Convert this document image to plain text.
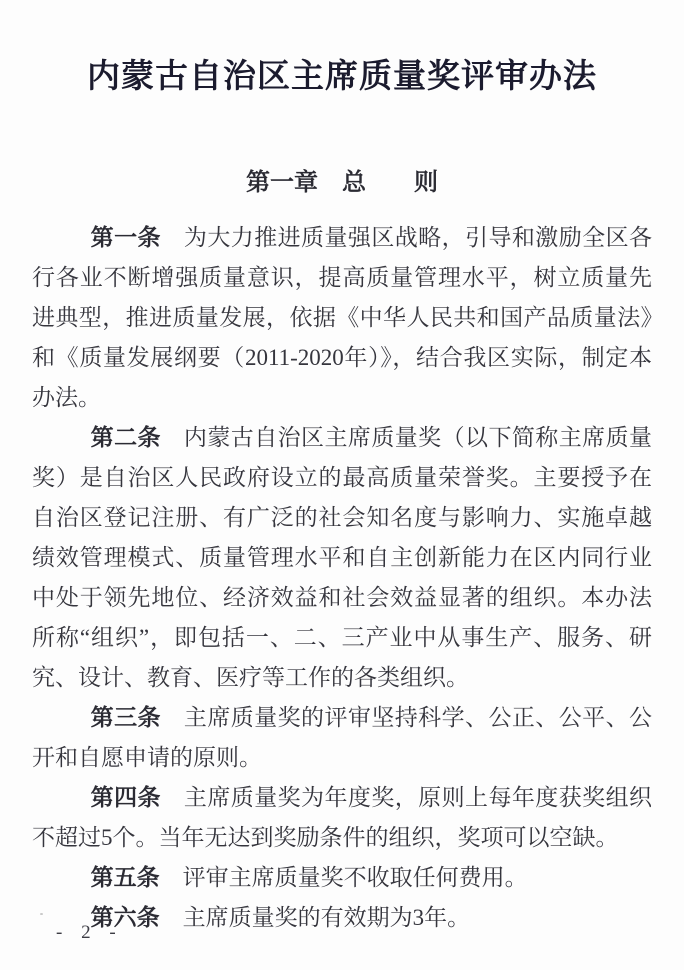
内蒙古自治区主席质量奖评审办法
第一章　总　　则

第一条 为大力推进质量强区战略，引导和激励全区各行各业不断增强质量意识，提高质量管理水平，树立质量先进典型，推进质量发展，依据《中华人民共和国产品质量法》和《质量发展纲要（2011-2020年）》，结合我区实际，制定本办法。

第二条 内蒙古自治区主席质量奖（以下简称主席质量奖）是自治区人民政府设立的最高质量荣誉奖。主要授予在自治区登记注册、有广泛的社会知名度与影响力、实施卓越绩效管理模式、质量管理水平和自主创新能力在区内同行业中处于领先地位、经济效益和社会效益显著的组织。本办法所称“组织”，即包括一、二、三产业中从事生产、服务、研究、设计、教育、医疗等工作的各类组织。

第三条 主席质量奖的评审坚持科学、公正、公平、公开和自愿申请的原则。

第四条 主席质量奖为年度奖，原则上每年度获奖组织不超过5个。当年无达到奖励条件的组织，奖项可以空缺。

第五条 评审主席质量奖不收取任何费用。

第六条 主席质量奖的有效期为3年。

- 2 -
